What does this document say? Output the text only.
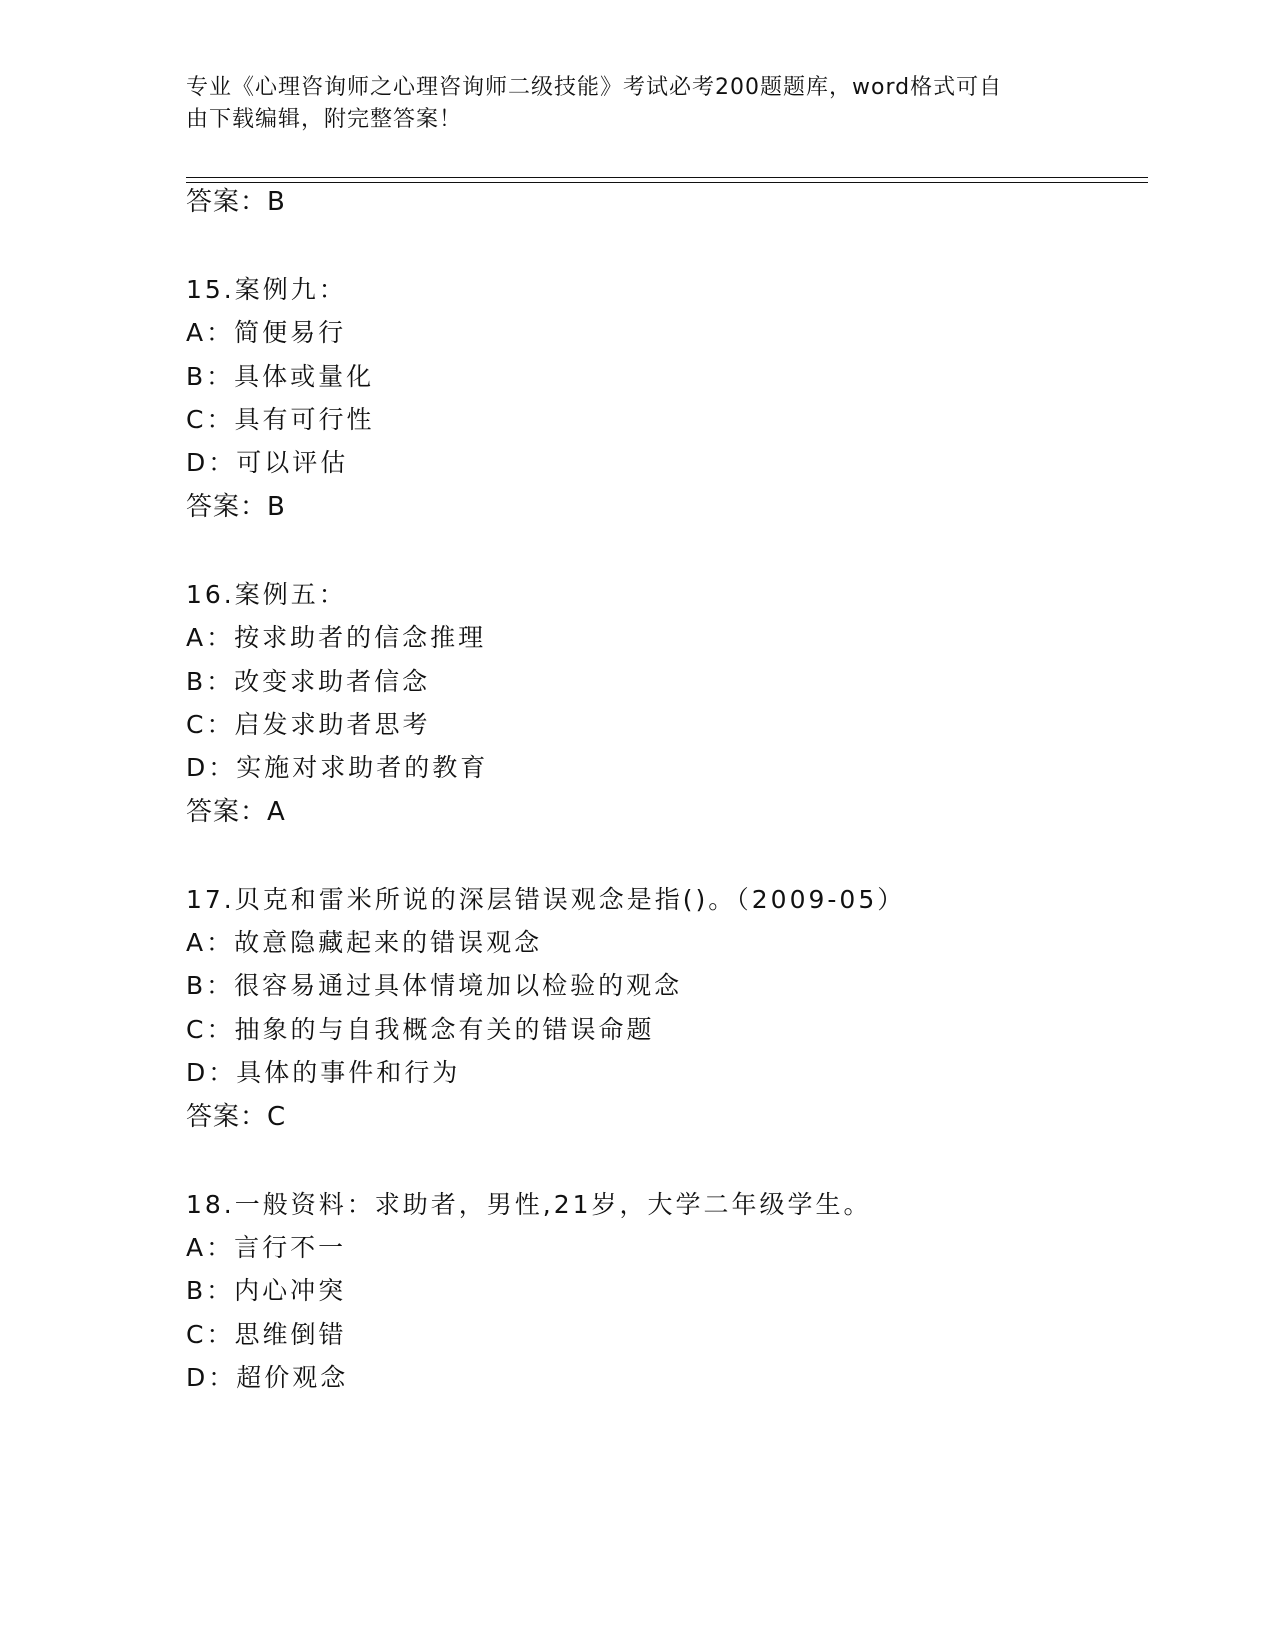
专业《心理咨询师之心理咨询师二级技能》考试必考200题题库，word格式可自
由下载编辑，附完整答案！
答案：B
15.案例九：
A：简便易行
B：具体或量化
C：具有可行性
D：可以评估
答案：B
16.案例五：
A：按求助者的信念推理
B：改变求助者信念
C：启发求助者思考
D：实施对求助者的教育
答案：A
17.贝克和雷米所说的深层错误观念是指()。（2009-05）
A：故意隐藏起来的错误观念
B：很容易通过具体情境加以检验的观念
C：抽象的与自我概念有关的错误命题
D：具体的事件和行为
答案：C
18.一般资料：求助者，男性,21岁，大学二年级学生。
A：言行不一
B：内心冲突
C：思维倒错
D：超价观念
